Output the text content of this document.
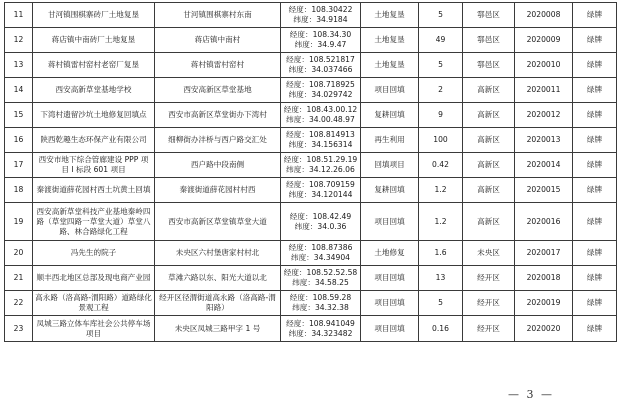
11	甘河镇围棋寨砖厂土地复垦	甘河镇围棋寨村东南	经度：108.30422
纬度：34.9184	土地复垦	5	鄠邑区	2020008	绿牌
12	蒋店镇中南砖厂土地复垦	蒋店镇中南村	经度：108.34.30
纬度：34.9.47	土地复垦	49	鄠邑区	2020009	绿牌
13	蒋村镇雷村窑村老窑厂复垦	蒋村镇雷村窑村	经度：108.521817
纬度：34.037466	土地复垦	5	鄠邑区	2020010	绿牌
14	西安高新草堂基地学校	西安高新区草堂基地	经度：108.718925
纬度：34.029742	项目回填	2	高新区	2020011	绿牌
15	下湾村遗留沙坑土地修复回填点	西安市高新区草堂街办下湾村	经度：108.43.00.12
纬度：34.00.48.97	复耕回填	9	高新区	2020012	绿牌
16	陕西乾趣生态环保产业有限公司	细柳街办沣桥与西户路交汇处	经度：108.814913
纬度：34.156314	再生利用	100	高新区	2020013	绿牌
17	西安市地下综合管廊建设 PPP 项目 I 标段 601 项目	西户路中段南侧	经度：108.51.29.19
纬度：34.12.26.06	回填项目	0.42	高新区	2020014	绿牌
18	秦渡街道薛花园村西土坑黄土回填	秦渡街道薛花园村村西	经度：108.709159
纬度：34.120144	复耕回填	1.2	高新区	2020015	绿牌
19	西安高新草堂科技产业基地秦岭四路（草堂四路一草堂大道）草堂八路、林合路绿化工程	西安市高新区草堂镇草堂大道	经度：108.42.49
纬度：34.0.36	项目回填	1.2	高新区	2020016	绿牌
20	冯先生的院子	未央区六村堡唐家村村北	经度：108.87386
纬度：34.34904	土地修复	1.6	未央区	2020017	绿牌
21	顺丰西北地区总部及现电商产业园	草滩六路以东、阳光大道以北	经度：108.52.52.58
纬度：34.58.25	项目回填	13	经开区	2020018	绿牌
22	高永路（洛高路-渭阳路）道路绿化景观工程	经开区径渭街道高永路（洛高路-渭阳路）	经度：108.59.28
纬度：34.32.38	项目回填	5	经开区	2020019	绿牌
23	凤城三路立体车库社会公共停车场项目	未央区凤城三路甲字 1 号	经度：108.941049
纬度：34.323482	项目回填	0.16	经开区	2020020	绿牌
— 3 —
